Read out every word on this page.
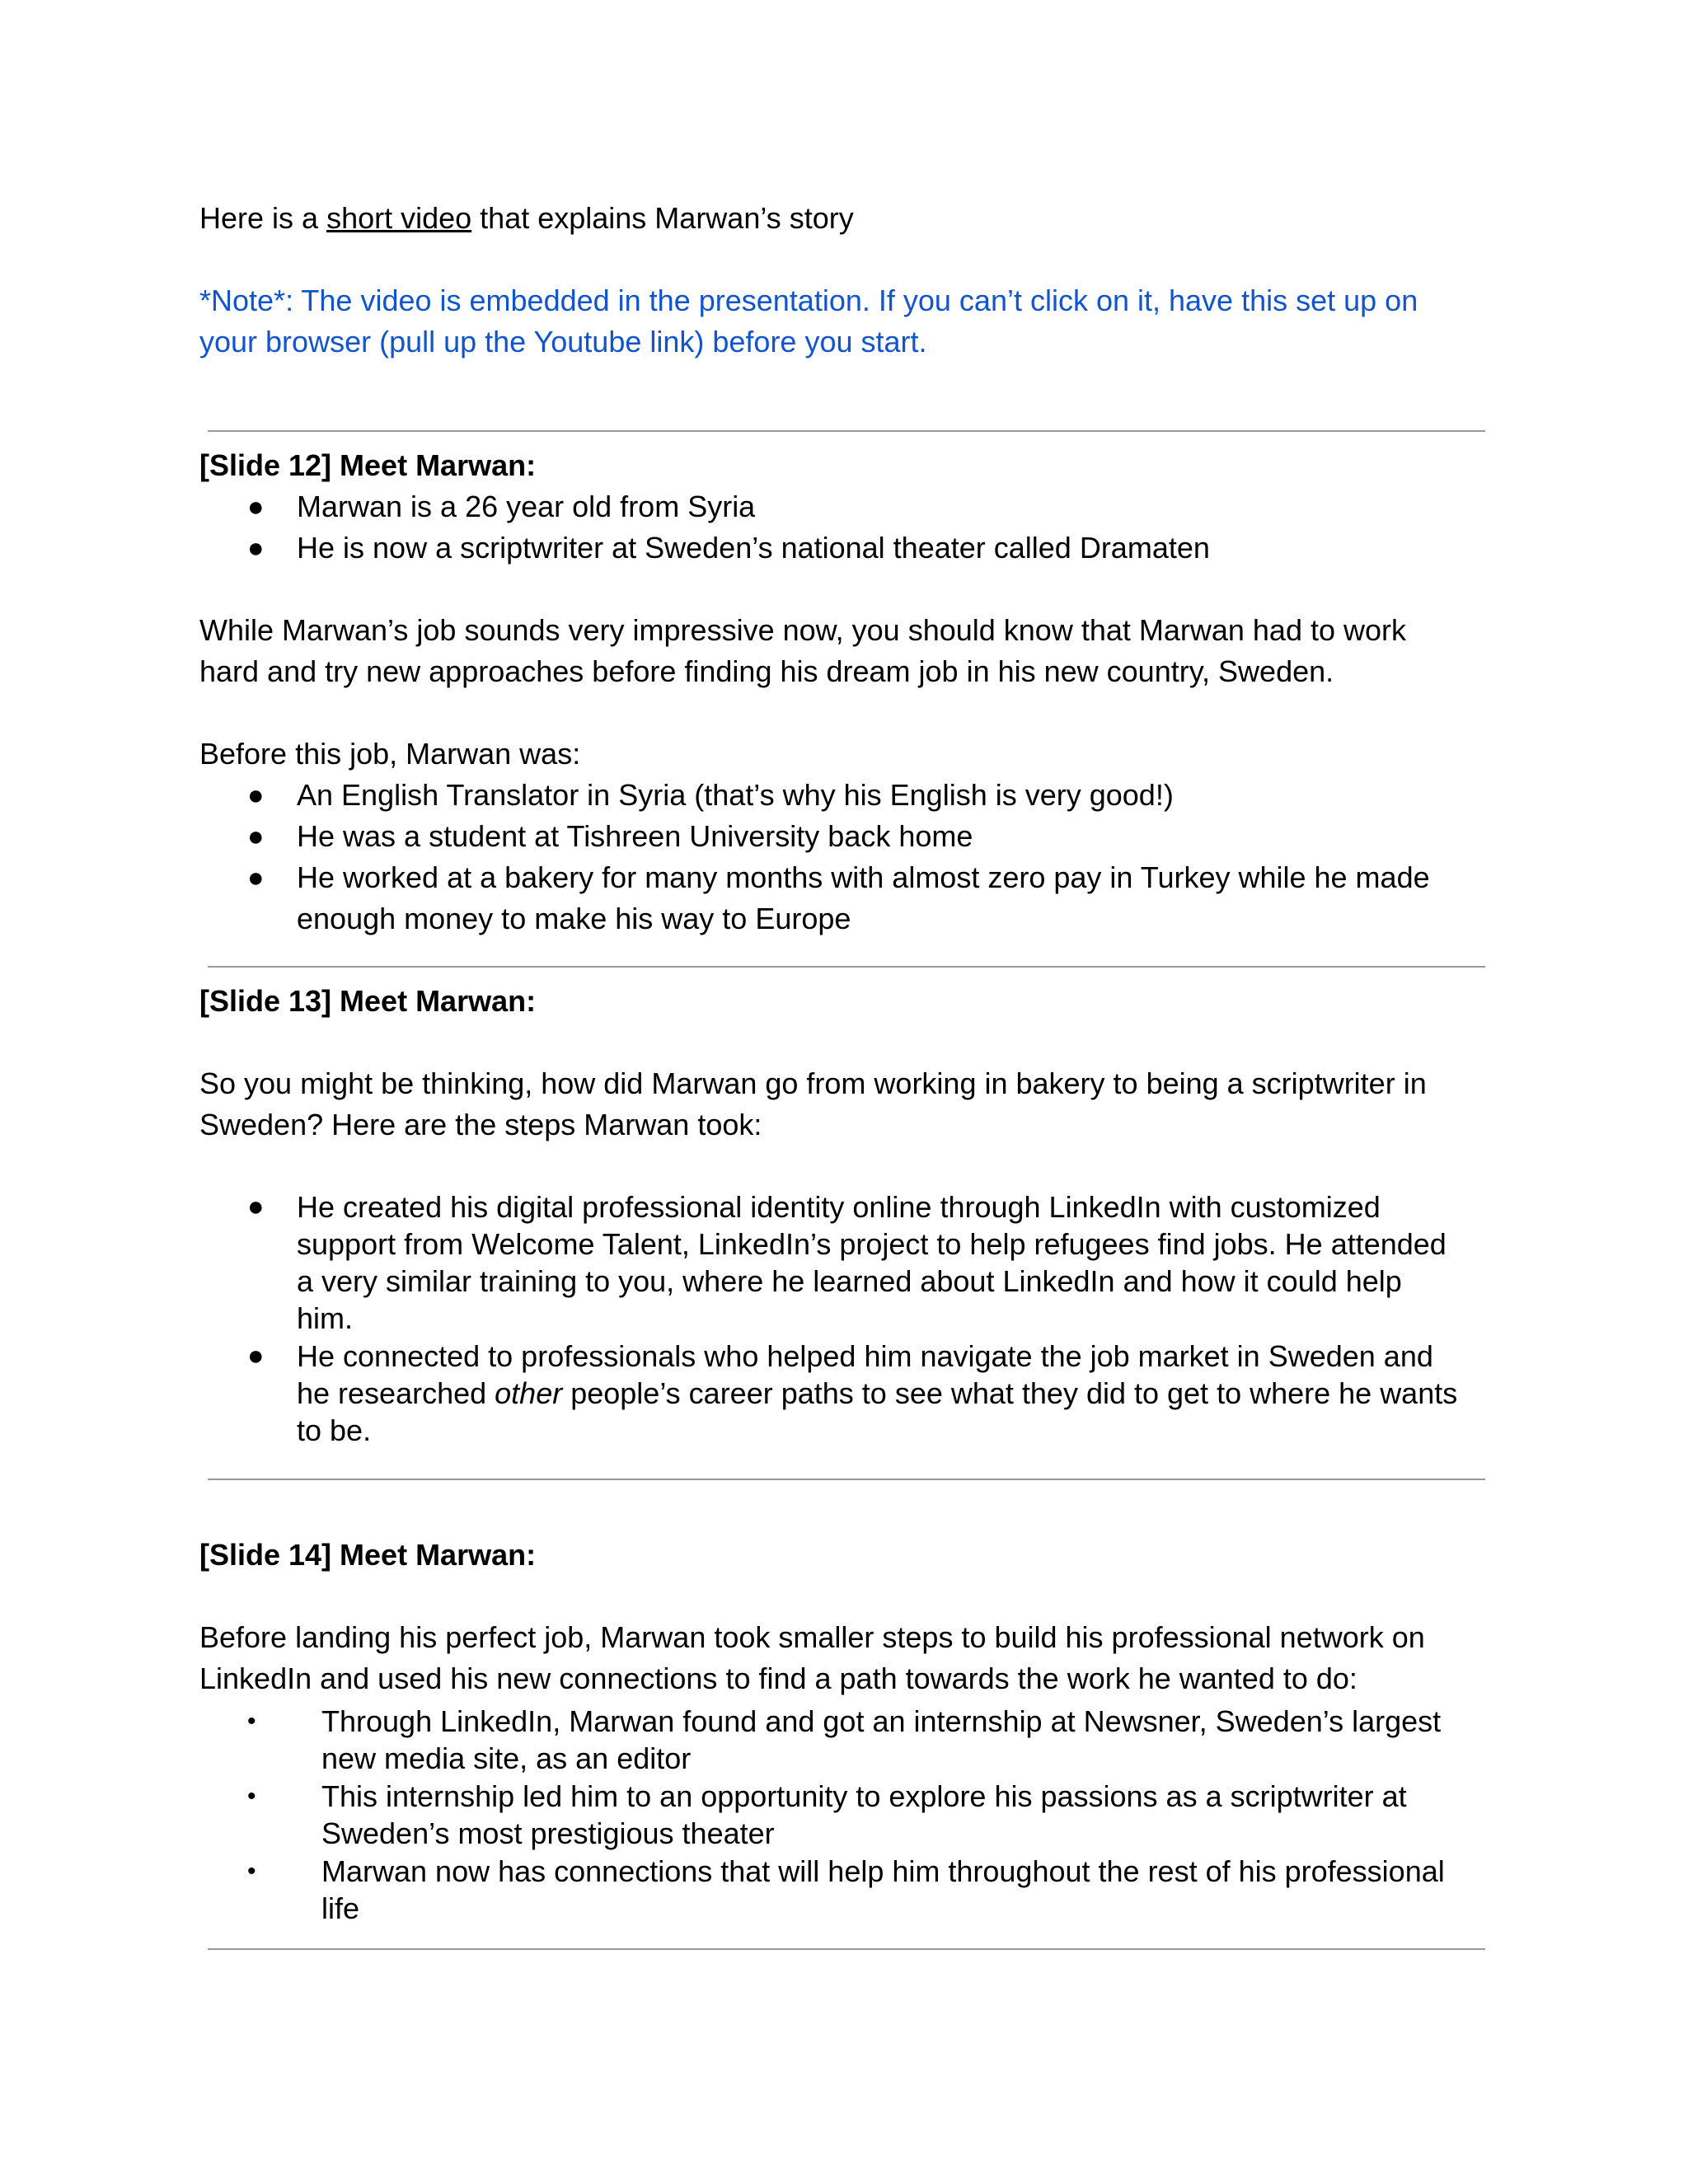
Here is a short video that explains Marwan’s story
*Note*: The video is embedded in the presentation. If you can’t click on it, have this set up on
your browser (pull up the Youtube link) before you start.
[Slide 12] Meet Marwan:
● Marwan is a 26 year old from Syria
● He is now a scriptwriter at Sweden’s national theater called Dramaten
While Marwan’s job sounds very impressive now, you should know that Marwan had to work
hard and try new approaches before finding his dream job in his new country, Sweden.
Before this job, Marwan was:
● An English Translator in Syria (that’s why his English is very good!)
● He was a student at Tishreen University back home
● He worked at a bakery for many months with almost zero pay in Turkey while he made
enough money to make his way to Europe
[Slide 13] Meet Marwan:
So you might be thinking, how did Marwan go from working in bakery to being a scriptwriter in
Sweden? Here are the steps Marwan took:
● He created his digital professional identity online through LinkedIn with customized
support from Welcome Talent, LinkedIn’s project to help refugees find jobs. He attended
a very similar training to you, where he learned about LinkedIn and how it could help
him.
● He connected to professionals who helped him navigate the job market in Sweden and
he researched other people’s career paths to see what they did to get to where he wants
to be.
[Slide 14] Meet Marwan:
Before landing his perfect job, Marwan took smaller steps to build his professional network on
LinkedIn and used his new connections to find a path towards the work he wanted to do:
• Through LinkedIn, Marwan found and got an internship at Newsner, Sweden’s largest
new media site, as an editor
• This internship led him to an opportunity to explore his passions as a scriptwriter at
Sweden’s most prestigious theater
• Marwan now has connections that will help him throughout the rest of his professional
life
